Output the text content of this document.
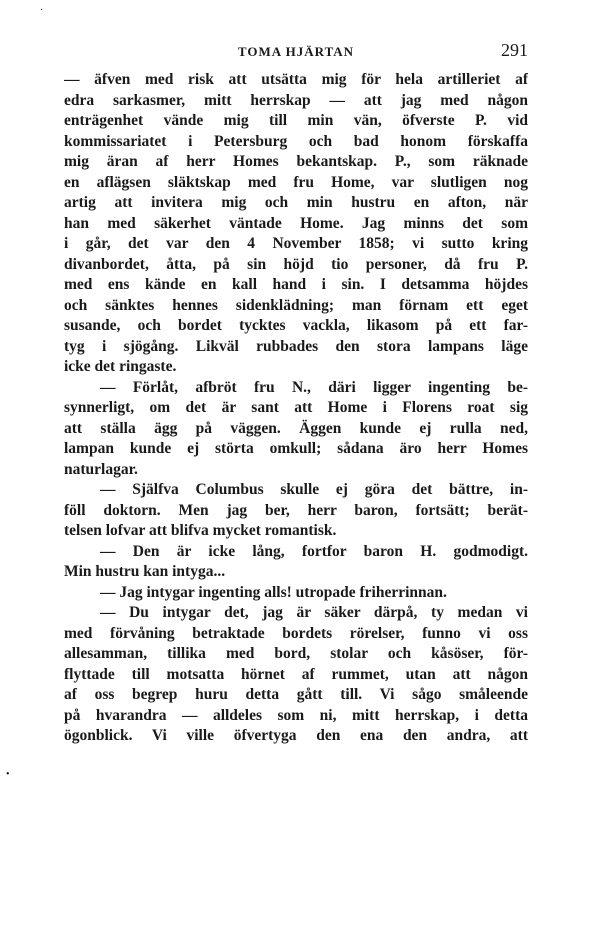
·
•
TOMA HJÄRTAN	291
— äfven med risk att utsätta mig för hela artilleriet af
edra sarkasmer, mitt herrskap — att jag med någon
enträgenhet vände mig till min vän, öfverste P. vid
kommissariatet i Petersburg och bad honom förskaffa
mig äran af herr Homes bekantskap. P., som räknade
en aflägsen släktskap med fru Home, var slutligen nog
artig att invitera mig och min hustru en afton, när
han med säkerhet väntade Home. Jag minns det som
i går, det var den 4 November 1858; vi sutto kring
divanbordet, åtta, på sin höjd tio personer, då fru P.
med ens kände en kall hand i sin. I detsamma höjdes
och sänktes hennes sidenklädning; man förnam ett eget
susande, och bordet tycktes vackla, likasom på ett far-
tyg i sjögång. Likväl rubbades den stora lampans läge
icke det ringaste.
— Förlåt, afbröt fru N., däri ligger ingenting be-
synnerligt, om det är sant att Home i Florens roat sig
att ställa ägg på väggen. Äggen kunde ej rulla ned,
lampan kunde ej störta omkull; sådana äro herr Homes
naturlagar.
— Själfva Columbus skulle ej göra det bättre, in-
föll doktorn. Men jag ber, herr baron, fortsätt; berät-
telsen lofvar att blifva mycket romantisk.
— Den är icke lång, fortfor baron H. godmodigt.
Min hustru kan intyga...
— Jag intygar ingenting alls! utropade friherrinnan.
— Du intygar det, jag är säker därpå, ty medan vi
med förvåning betraktade bordets rörelser, funno vi oss
allesamman, tillika med bord, stolar och kåsöser, för-
flyttade till motsatta hörnet af rummet, utan att någon
af oss begrep huru detta gått till. Vi sågo småleende
på hvarandra — alldeles som ni, mitt herrskap, i detta
ögonblick. Vi ville öfvertyga den ena den andra, att
